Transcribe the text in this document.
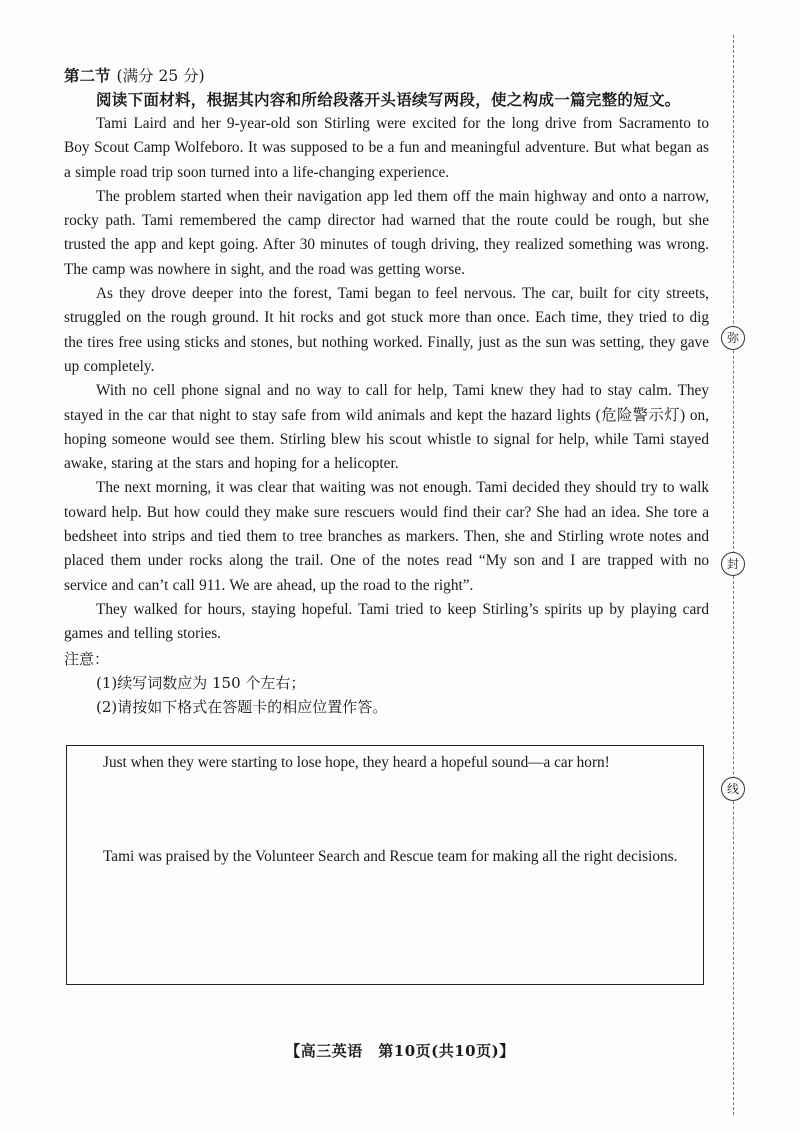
第二节 (满分 25 分)

阅读下面材料，根据其内容和所给段落开头语续写两段，使之构成一篇完整的短文。

Tami Laird and her 9-year-old son Stirling were excited for the long drive from Sacramento to Boy Scout Camp Wolfeboro. It was supposed to be a fun and meaningful adventure. But what began as a simple road trip soon turned into a life-changing experience.

The problem started when their navigation app led them off the main highway and onto a narrow, rocky path. Tami remembered the camp director had warned that the route could be rough, but she trusted the app and kept going. After 30 minutes of tough driving, they realized something was wrong. The camp was nowhere in sight, and the road was getting worse.

As they drove deeper into the forest, Tami began to feel nervous. The car, built for city streets, struggled on the rough ground. It hit rocks and got stuck more than once. Each time, they tried to dig the tires free using sticks and stones, but nothing worked. Finally, just as the sun was setting, they gave up completely.

With no cell phone signal and no way to call for help, Tami knew they had to stay calm. They stayed in the car that night to stay safe from wild animals and kept the hazard lights (危险警示灯) on, hoping someone would see them. Stirling blew his scout whistle to signal for help, while Tami stayed awake, staring at the stars and hoping for a helicopter.

The next morning, it was clear that waiting was not enough. Tami decided they should try to walk toward help. But how could they make sure rescuers would find their car? She had an idea. She tore a bedsheet into strips and tied them to tree branches as markers. Then, she and Stirling wrote notes and placed them under rocks along the trail. One of the notes read “My son and I are trapped with no service and can’t call 911. We are ahead, up the road to the right”.

They walked for hours, staying hopeful. Tami tried to keep Stirling’s spirits up by playing card games and telling stories.

注意：

(1)续写词数应为 150 个左右；

(2)请按如下格式在答题卡的相应位置作答。

Just when they were starting to lose hope, they heard a hopeful sound—a car horn!

Tami was praised by the Volunteer Search and Rescue team for making all the right decisions.

【高三英语　第10页(共10页)】
弥
封
线
